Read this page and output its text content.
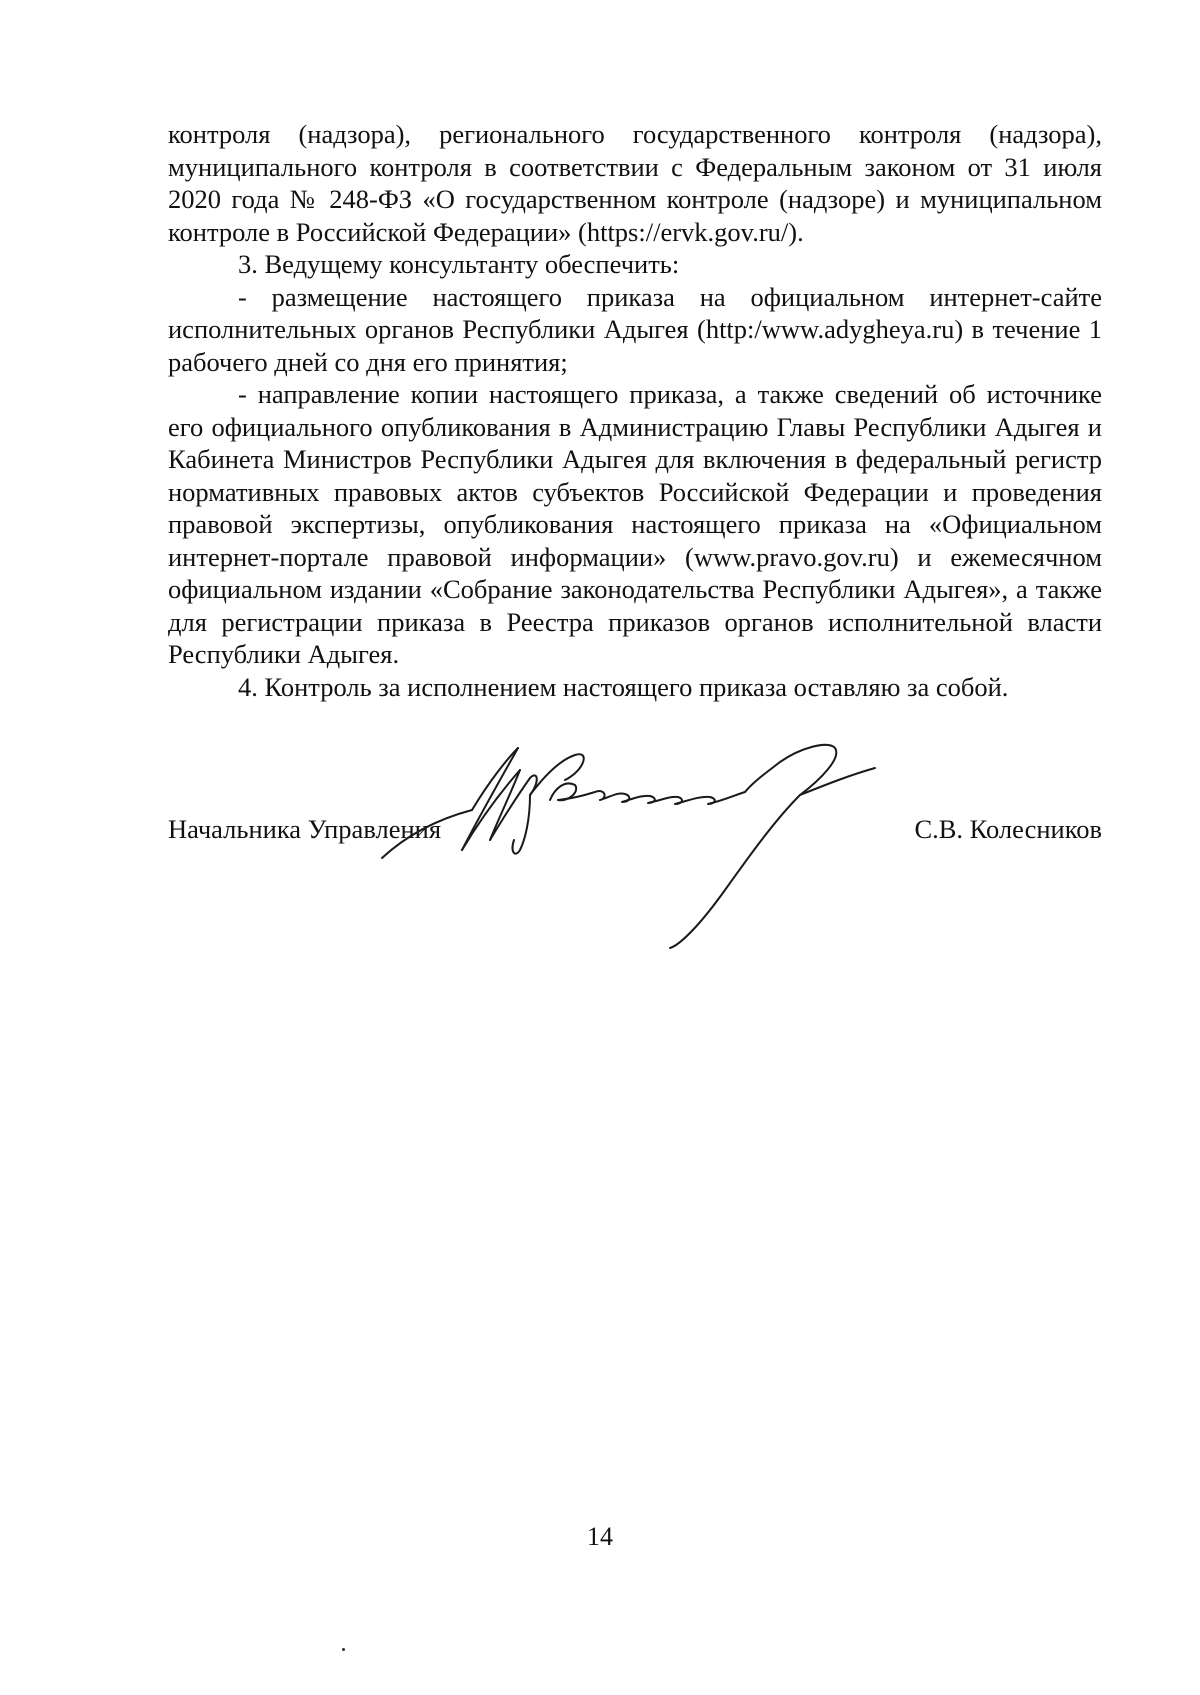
контроля (надзора), регионального государственного контроля (надзора), муниципального контроля в соответствии с Федеральным законом от 31 июля 2020 года № 248-ФЗ «О государственном контроле (надзоре) и муниципальном контроле в Российской Федерации» (https://ervk.gov.ru/).

3. Ведущему консультанту обеспечить:

- размещение настоящего приказа на официальном интернет-сайте исполнительных органов Республики Адыгея (http:/www.adygheya.ru) в течение 1 рабочего дней со дня его принятия;

- направление копии настоящего приказа, а также сведений об источнике его официального опубликования в Администрацию Главы Республики Адыгея и Кабинета Министров Республики Адыгея для включения в федеральный регистр нормативных правовых актов субъектов Российской Федерации и проведения правовой экспертизы, опубликования настоящего приказа на «Официальном интернет-портале правовой информации» (www.pravo.gov.ru) и ежемесячном официальном издании «Собрание законодательства Республики Адыгея», а также для регистрации приказа в Реестра приказов органов исполнительной власти Республики Адыгея.

4. Контроль за исполнением настоящего приказа оставляю за собой.

Начальника Управления	С.В. Колесников
14
